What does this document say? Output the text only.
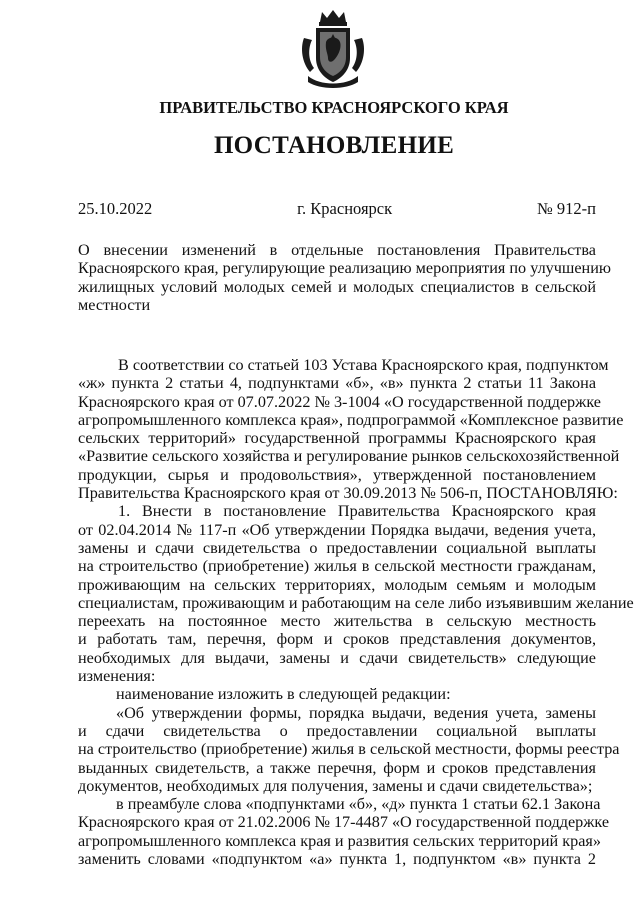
ПРАВИТЕЛЬСТВО КРАСНОЯРСКОГО КРАЯ
ПОСТАНОВЛЕНИЕ
25.10.2022	г. Красноярск	№ 912-п
О внесении изменений в отдельные постановления Правительства
Красноярского края, регулирующие реализацию мероприятия по улучшению
жилищных условий молодых семей и молодых специалистов в сельской
местности
В соответствии со статьей 103 Устава Красноярского края, подпунктом
«ж» пункта 2 статьи 4, подпунктами «б», «в» пункта 2 статьи 11 Закона
Красноярского края от 07.07.2022 № 3-1004 «О государственной поддержке
агропромышленного комплекса края», подпрограммой «Комплексное развитие
сельских территорий» государственной программы Красноярского края
«Развитие сельского хозяйства и регулирование рынков сельскохозяйственной
продукции, сырья и продовольствия», утвержденной постановлением
Правительства Красноярского края от 30.09.2013 № 506-п, ПОСТАНОВЛЯЮ:
1. Внести в постановление Правительства Красноярского края
от 02.04.2014 № 117-п «Об утверждении Порядка выдачи, ведения учета,
замены и сдачи свидетельства о предоставлении социальной выплаты
на строительство (приобретение) жилья в сельской местности гражданам,
проживающим на сельских территориях, молодым семьям и молодым
специалистам, проживающим и работающим на селе либо изъявившим желание
переехать на постоянное место жительства в сельскую местность
и работать там, перечня, форм и сроков представления документов,
необходимых для выдачи, замены и сдачи свидетельств» следующие
изменения:
наименование изложить в следующей редакции:
«Об утверждении формы, порядка выдачи, ведения учета, замены
и сдачи свидетельства о предоставлении социальной выплаты
на строительство (приобретение) жилья в сельской местности, формы реестра
выданных свидетельств, а также перечня, форм и сроков представления
документов, необходимых для получения, замены и сдачи свидетельства»;
в преамбуле слова «подпунктами «б», «д» пункта 1 статьи 62.1 Закона
Красноярского края от 21.02.2006 № 17-4487 «О государственной поддержке
агропромышленного комплекса края и развития сельских территорий края»
заменить словами «подпунктом «а» пункта 1, подпунктом «в» пункта 2
